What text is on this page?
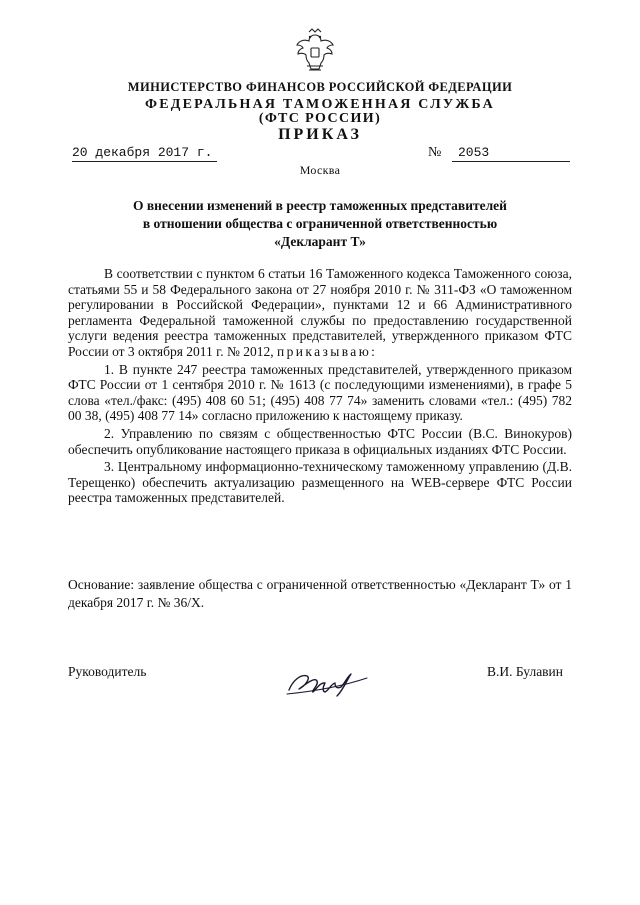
МИНИСТЕРСТВО ФИНАНСОВ РОССИЙСКОЙ ФЕДЕРАЦИИ
ФЕДЕРАЛЬНАЯ ТАМОЖЕННАЯ СЛУЖБА
(ФТС РОССИИ)
ПРИКАЗ
20 декабря 2017 г.	№	2053
Москва
О внесении изменений в реестр таможенных представителей
в отношении общества с ограниченной ответственностью
«Декларант Т»

В соответствии с пунктом 6 статьи 16 Таможенного кодекса Таможенного союза, статьями 55 и 58 Федерального закона от 27 ноября 2010 г. № 311-ФЗ «О таможенном регулировании в Российской Федерации», пунктами 12 и 66 Административного регламента Федеральной таможенной службы по предоставлению государственной услуги ведения реестра таможенных представителей, утвержденного приказом ФТС России от 3 октября 2011 г. № 2012, приказываю:

1. В пункте 247 реестра таможенных представителей, утвержденного приказом ФТС России от 1 сентября 2010 г. № 1613 (с последующими изменениями), в графе 5 слова «тел./факс: (495) 408 60 51; (495) 408 77 74» заменить словами «тел.: (495) 782 00 38, (495) 408 77 14» согласно приложению к настоящему приказу.

2. Управлению по связям с общественностью ФТС России (В.С. Винокуров) обеспечить опубликование настоящего приказа в официальных изданиях ФТС России.

3. Центральному информационно-техническому таможенному управлению (Д.В. Терещенко) обеспечить актуализацию размещенного на WEB-сервере ФТС России реестра таможенных представителей.

Основание: заявление общества с ограниченной ответственностью «Декларант Т» от 1 декабря 2017 г. № 36/Х.
Руководитель	В.И. Булавин
